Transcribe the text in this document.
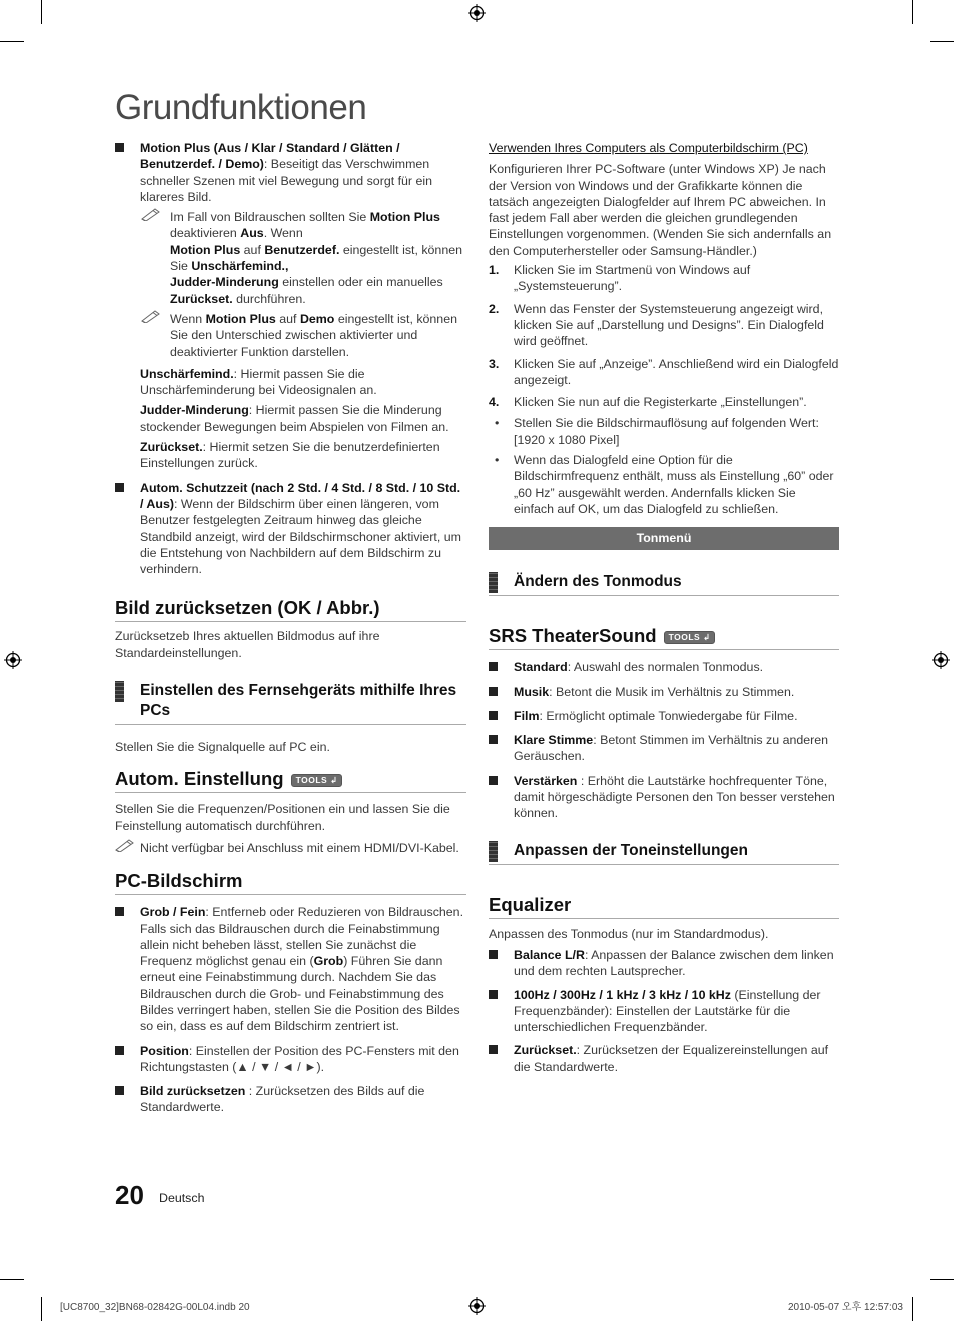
Grundfunktionen
Motion Plus (Aus / Klar / Standard / Glätten / Benutzerdef. / Demo): Beseitigt das Verschwimmen schneller Szenen mit viel Bewegung und sorgt für ein klareres Bild.
Im Fall von Bildrauschen sollten Sie Motion Plus deaktivieren Aus. Wenn
Motion Plus auf Benutzerdef. eingestellt ist, können Sie Unschärfemind.,
Judder-Minderung einstellen oder ein manuelles Zurückset. durchführen.
Wenn Motion Plus auf Demo eingestellt ist, können Sie den Unterschied zwischen aktivierter und deaktivierter Funktion darstellen.

Unschärfemind.: Hiermit passen Sie die Unschärfeminderung bei Videosignalen an.

Judder-Minderung: Hiermit passen Sie die Minderung stockender Bewegungen beim Abspielen von Filmen an.

Zurückset.: Hiermit setzen Sie die benutzerdefinierten Einstellungen zurück.

Autom. Schutzzeit (nach 2 Std. / 4 Std. / 8 Std. / 10 Std. / Aus): Wenn der Bildschirm über einen längeren, vom Benutzer festgelegten Zeitraum hinweg das gleiche Standbild anzeigt, wird der Bildschirmschoner aktiviert, um die Entstehung von Nachbildern auf dem Bildschirm zu verhindern.
Bild zurücksetzen (OK / Abbr.)

Zurücksetzeb Ihres aktuellen Bildmodus auf ihre Standardeinstellungen.

Einstellen des Fernsehgeräts mithilfe Ihres PCs

Stellen Sie die Signalquelle auf PC ein.

Autom. Einstellung TOOLS ↲

Stellen Sie die Frequenzen/Positionen ein und lassen Sie die Feinstellung automatisch durchführen.

Nicht verfügbar bei Anschluss mit einem HDMI/DVI-Kabel.
PC-Bildschirm
Grob / Fein: Entferneb oder Reduzieren von Bildrauschen. Falls sich das Bildrauschen durch die Feinabstimmung allein nicht beheben lässt, stellen Sie zunächst die Frequenz möglichst genau ein (Grob) Führen Sie dann erneut eine Feinabstimmung durch. Nachdem Sie das Bildrauschen durch die Grob- und Feinabstimmung des Bildes verringert haben, stellen Sie die Position des Bildes so ein, dass es auf dem Bildschirm zentriert ist.
Position: Einstellen der Position des PC-Fensters mit den Richtungstasten (▲ / ▼ / ◄ / ►).
Bild zurücksetzen : Zurücksetzen des Bilds auf die Standardwerte.

Verwenden Ihres Computers als Computerbildschirm (PC)

Konfigurieren Ihrer PC-Software (unter Windows XP) Je nach der Version von Windows und der Grafikkarte können die tatsäch angezeigten Dialogfelder auf Ihrem PC abweichen. In fast jedem Fall aber werden die gleichen grundlegenden Einstellungen vorgenommen. (Wenden Sie sich andernfalls an den Computerhersteller oder Samsung-Händler.)

1. Klicken Sie im Startmenü von Windows auf „Systemsteuerung”.
2. Wenn das Fenster der Systemsteuerung angezeigt wird, klicken Sie auf „Darstellung und Designs”. Ein Dialogfeld wird geöffnet.
3. Klicken Sie auf „Anzeige”. Anschließend wird ein Dialogfeld angezeigt.
4. Klicken Sie nun auf die Registerkarte „Einstellungen”.
• Stellen Sie die Bildschirmauflösung auf folgenden Wert: [1920 x 1080 Pixel]
• Wenn das Dialogfeld eine Option für die Bildschirmfrequenz enthält, muss als Einstellung „60” oder „60 Hz” ausgewählt werden. Andernfalls klicken Sie einfach auf OK, um das Dialogfeld zu schließen.

Tonmenü

Ändern des Tonmodus
SRS TheaterSound TOOLS ↲
Standard: Auswahl des normalen Tonmodus.
Musik: Betont die Musik im Verhältnis zu Stimmen.
Film: Ermöglicht optimale Tonwiedergabe für Filme.
Klare Stimme: Betont Stimmen im Verhältnis zu anderen Geräuschen.
Verstärken : Erhöht die Lautstärke hochfrequenter Töne, damit hörgeschädigte Personen den Ton besser verstehen können.
Anpassen der Toneinstellungen
Equalizer

Anpassen des Tonmodus (nur im Standardmodus).

Balance L/R: Anpassen der Balance zwischen dem linken und dem rechten Lautsprecher.
100Hz / 300Hz / 1 kHz / 3 kHz / 10 kHz (Einstellung der Frequenzbänder): Einstellen der Lautstärke für die unterschiedlichen Frequenzbänder.
Zurückset.: Zurücksetzen der Equalizereinstellungen auf die Standardwerte.
20 Deutsch
[UC8700_32]BN68-02842G-00L04.indb 20	2010-05-07 오후 12:57:03
